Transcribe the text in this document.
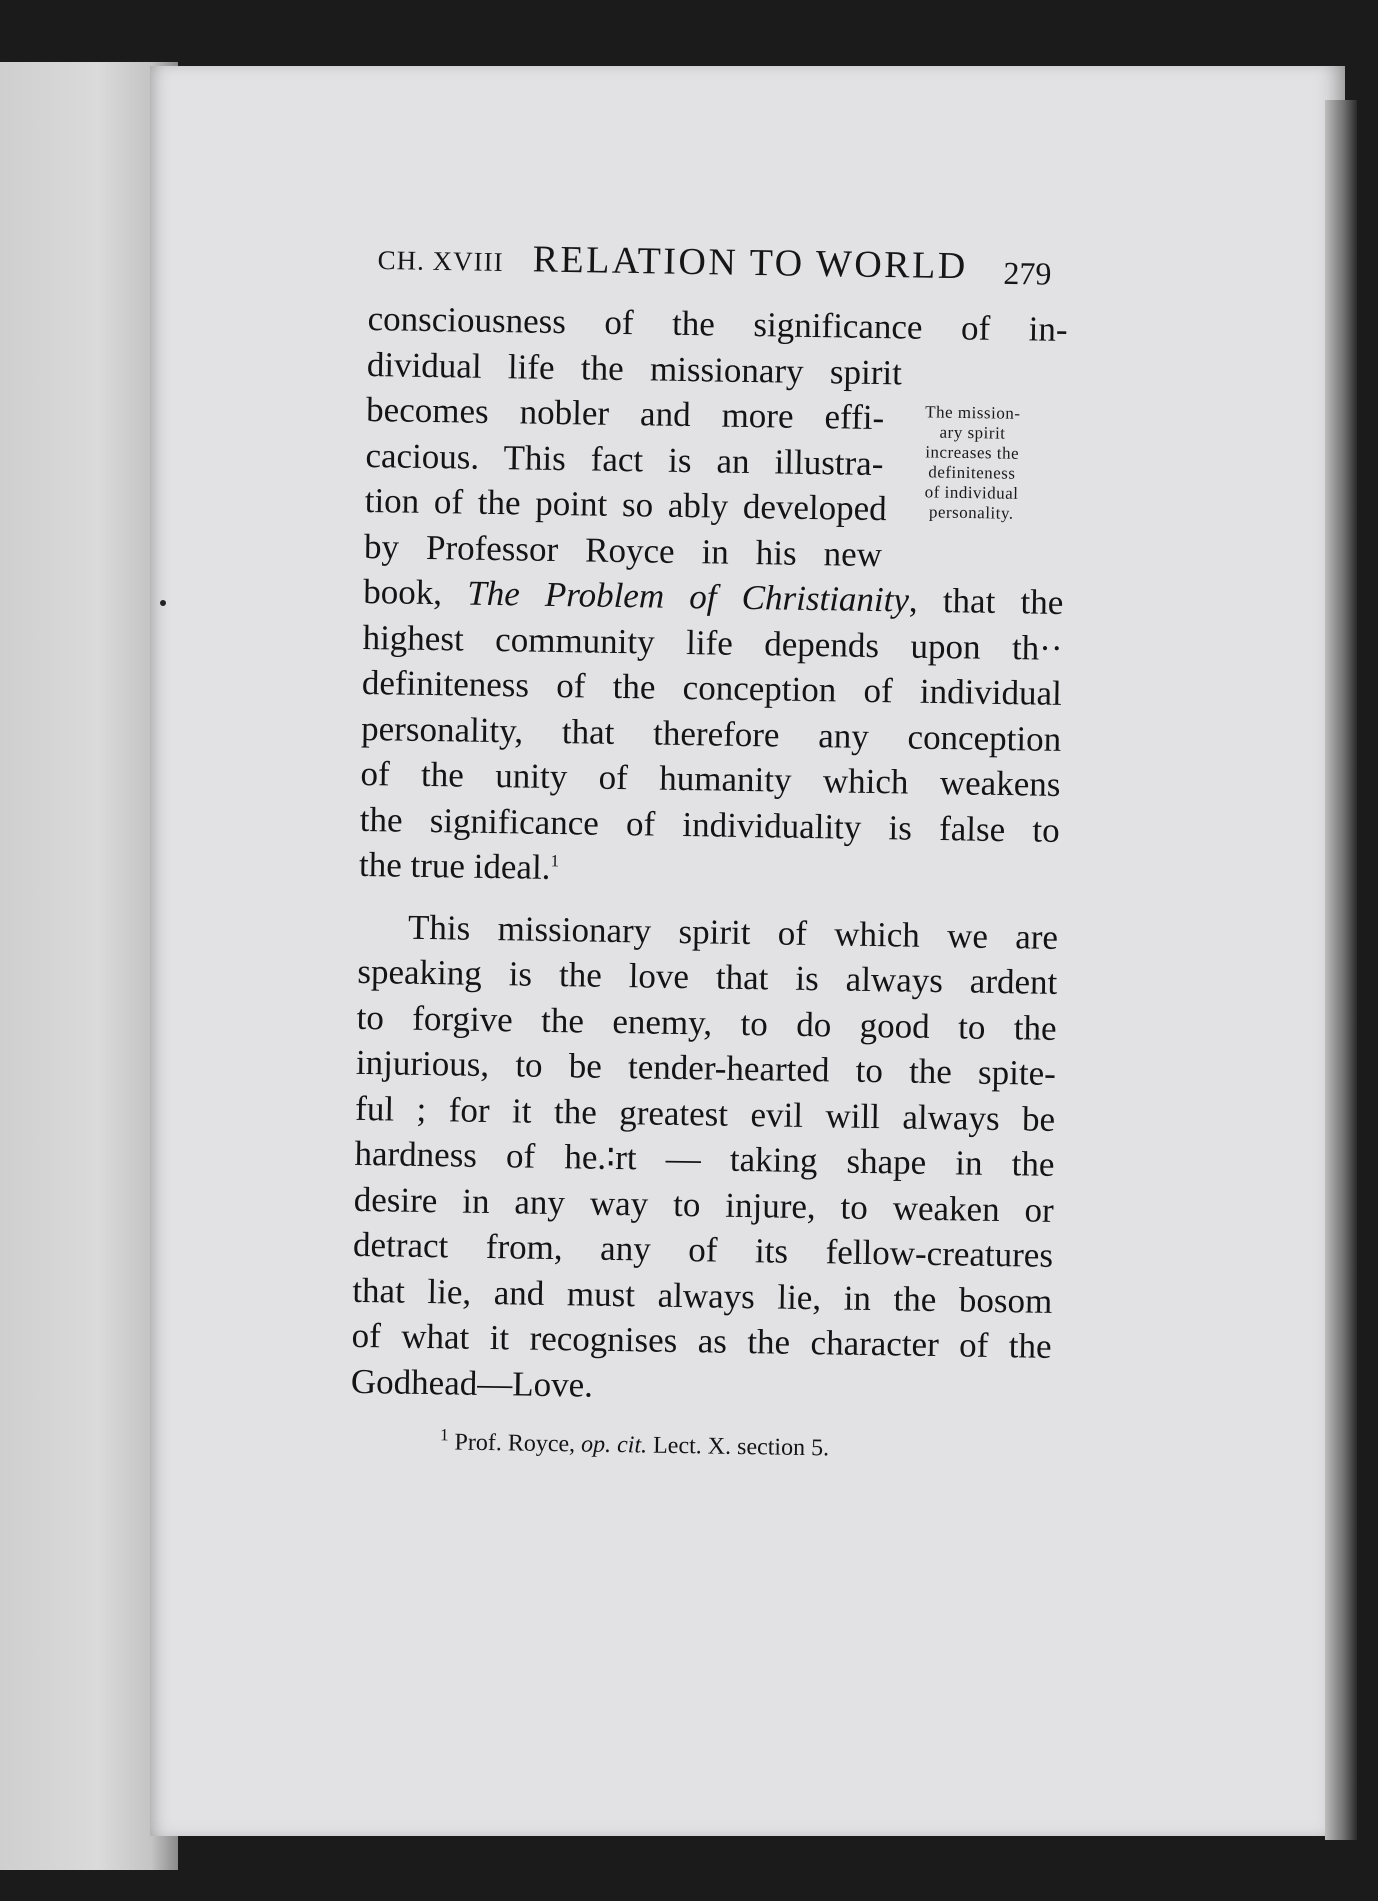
CH. XVIII RELATION TO WORLD 279
The mission-
ary spirit
increases the
definiteness
of individual
personality.
consciousness of the significance of in-
dividual life the missionary spirit
becomes nobler and more effi-
cacious. This fact is an illustra-
tion of the point so ably developed
by Professor Royce in his new
book, The Problem of Christianity, that the
highest community life depends upon th··
definiteness of the conception of individual
personality, that therefore any conception
of the unity of humanity which weakens
the significance of individuality is false to
the true ideal.$^1$
This missionary spirit of which we are
speaking is the love that is always ardent
to forgive the enemy, to do good to the
injurious, to be tender-hearted to the spite-
ful ; for it the greatest evil will always be
hardness of he.∶rt — taking shape in the
desire in any way to injure, to weaken or
detract from, any of its fellow-creatures
that lie, and must always lie, in the bosom
of what it recognises as the character of the
Godhead—Love.
$^1$ Prof. Royce, op. cit. Lect. X. section 5.
